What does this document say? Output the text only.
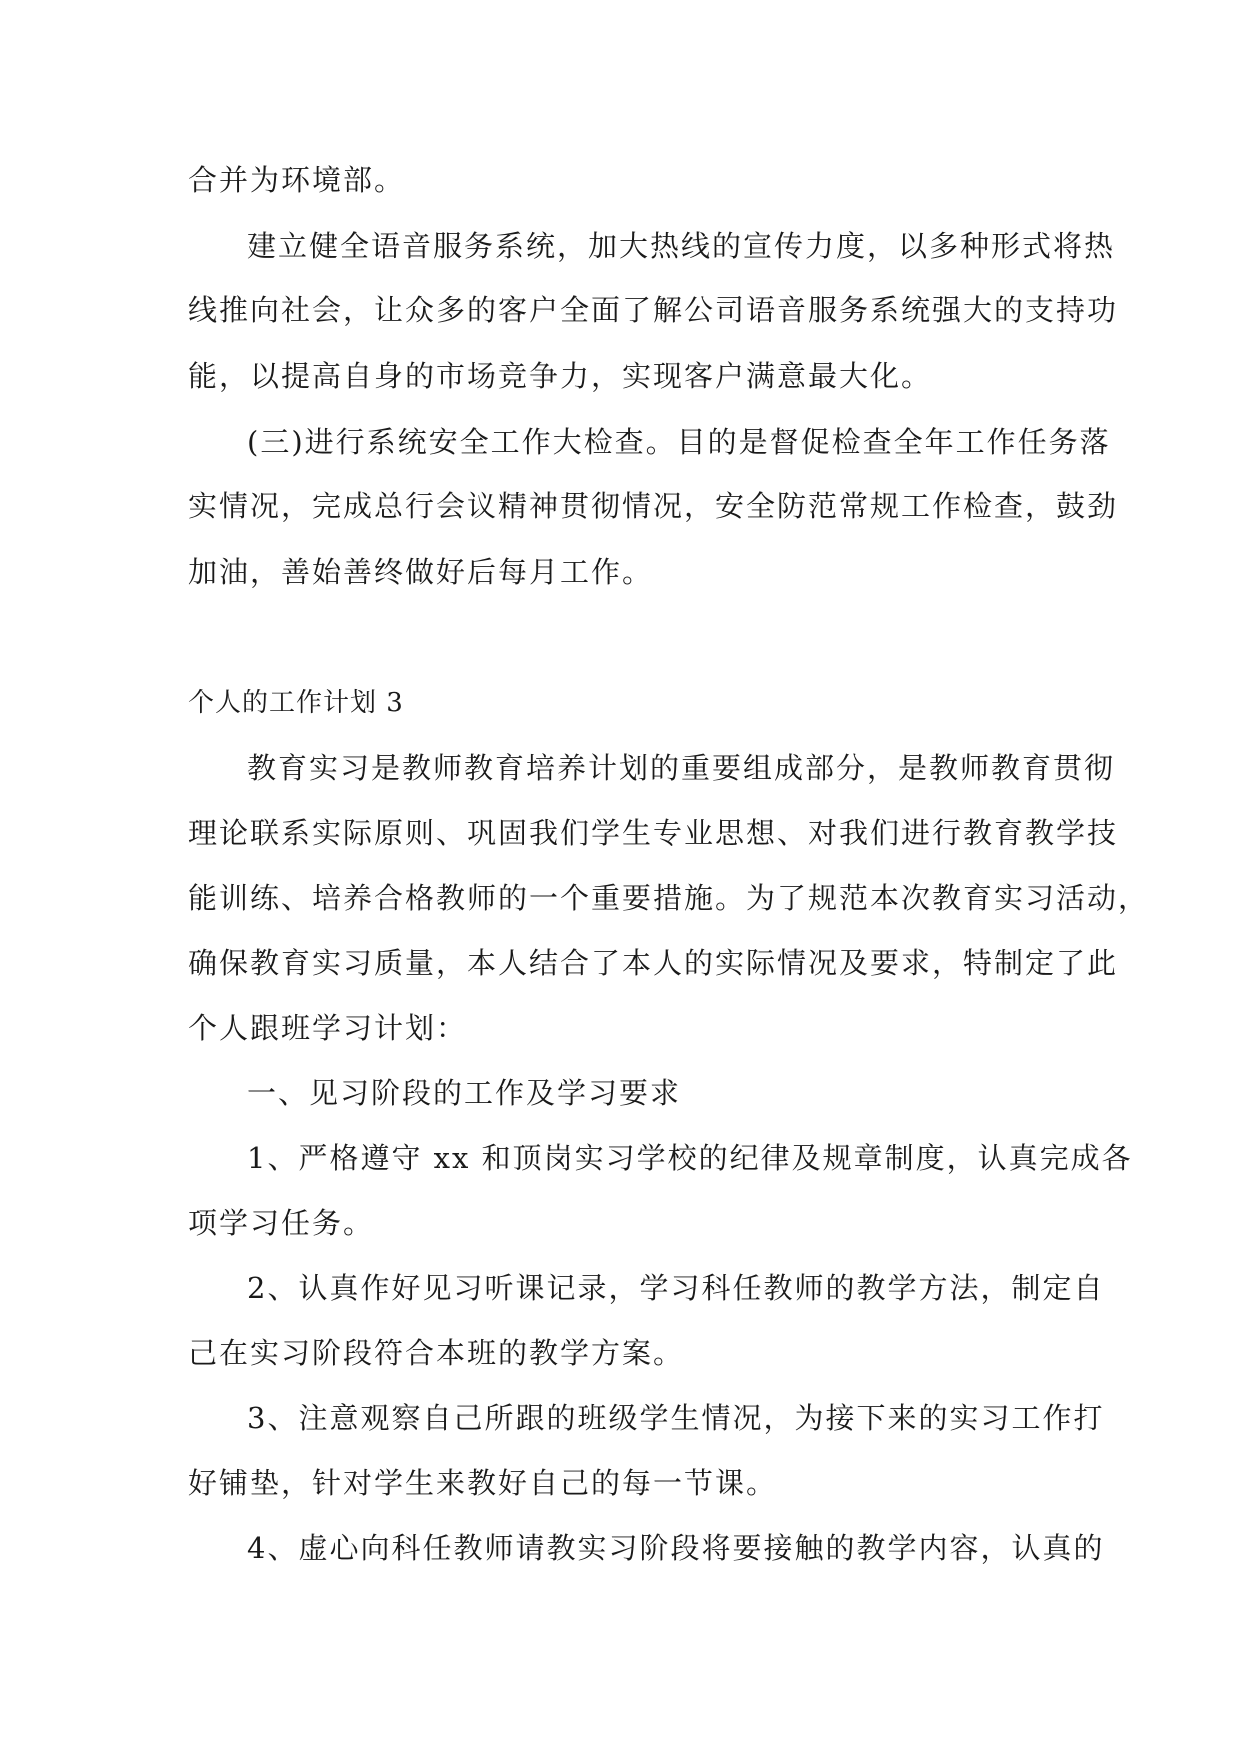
合并为环境部。
建立健全语音服务系统，加大热线的宣传力度，以多种形式将热
线推向社会，让众多的客户全面了解公司语音服务系统强大的支持功
能，以提高自身的市场竞争力，实现客户满意最大化。
(三)进行系统安全工作大检查。目的是督促检查全年工作任务落
实情况，完成总行会议精神贯彻情况，安全防范常规工作检查，鼓劲
加油，善始善终做好后每月工作。
个人的工作计划 3
教育实习是教师教育培养计划的重要组成部分，是教师教育贯彻
理论联系实际原则、巩固我们学生专业思想、对我们进行教育教学技
能训练、培养合格教师的一个重要措施。为了规范本次教育实习活动，
确保教育实习质量，本人结合了本人的实际情况及要求，特制定了此
个人跟班学习计划：
一、见习阶段的工作及学习要求
1、严格遵守 xx 和顶岗实习学校的纪律及规章制度，认真完成各
项学习任务。
2、认真作好见习听课记录，学习科任教师的教学方法，制定自
己在实习阶段符合本班的教学方案。
3、注意观察自己所跟的班级学生情况，为接下来的实习工作打
好铺垫，针对学生来教好自己的每一节课。
4、虚心向科任教师请教实习阶段将要接触的教学内容，认真的
